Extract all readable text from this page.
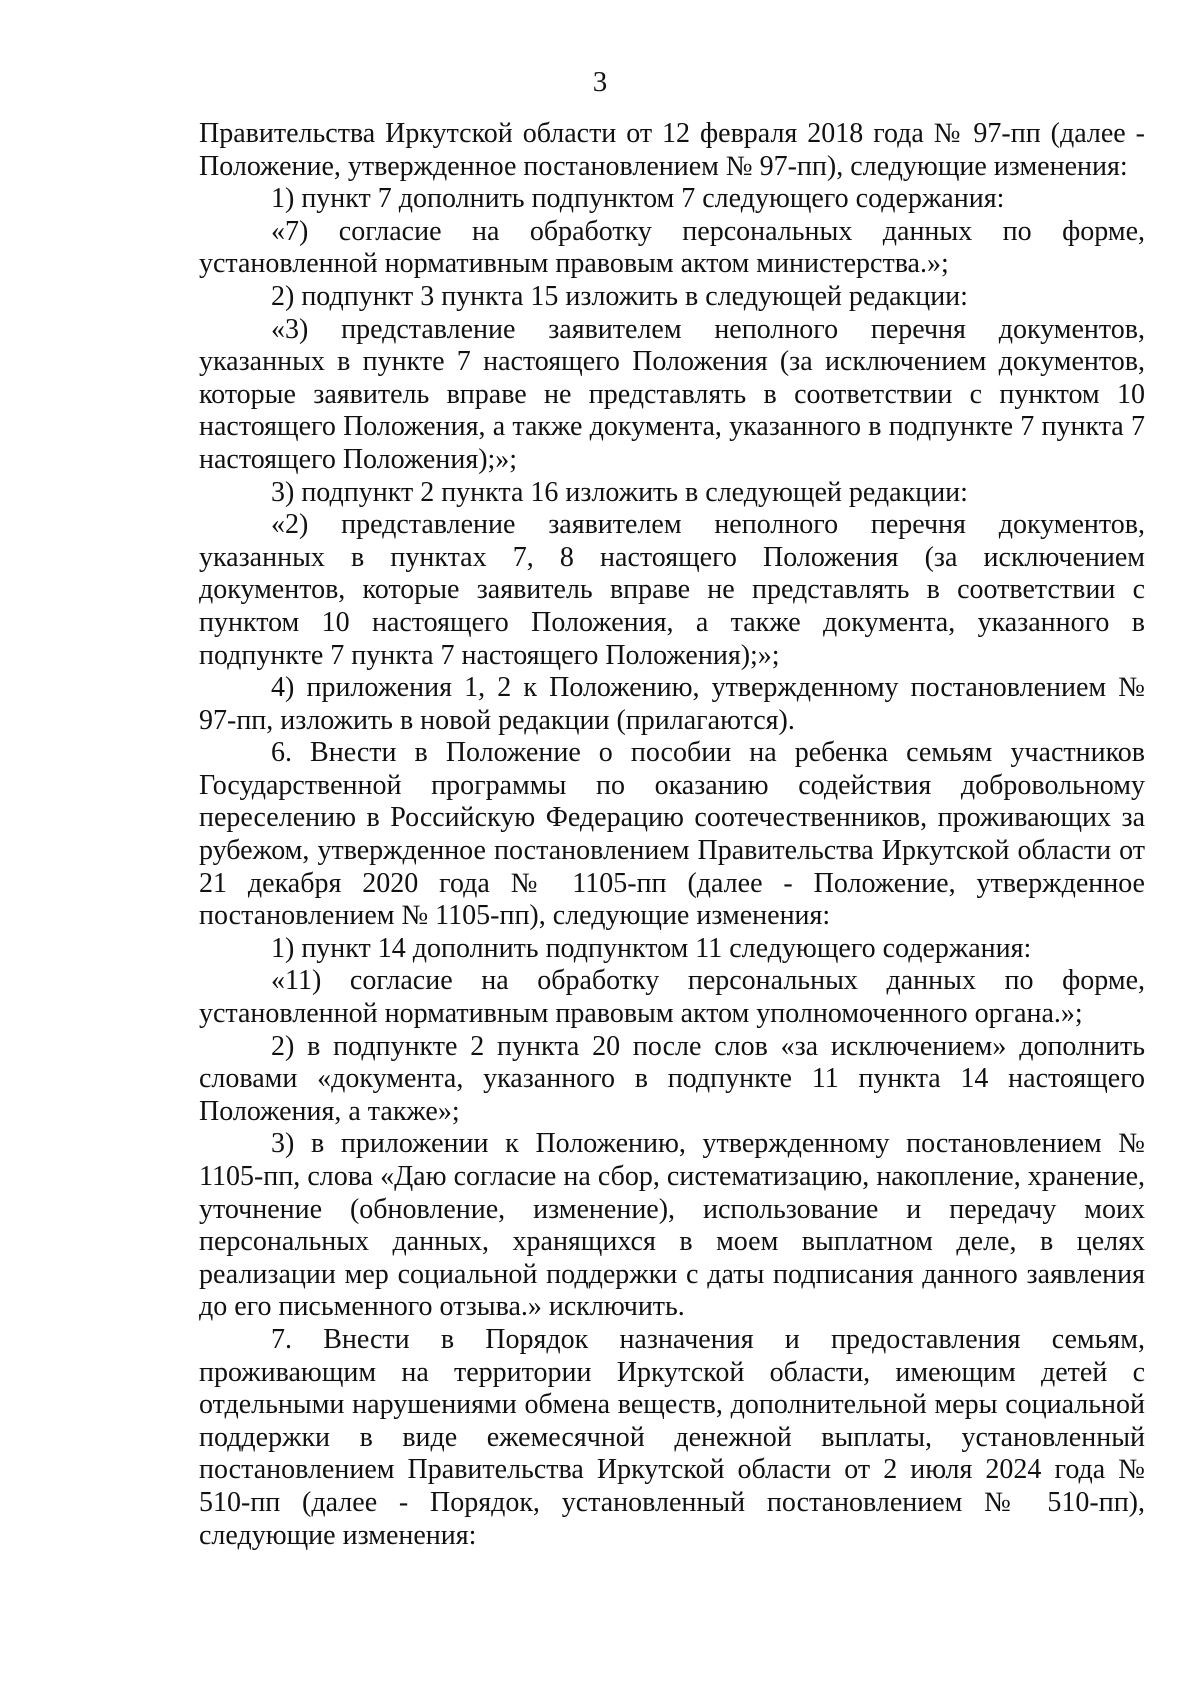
3

Правительства Иркутской области от 12 февраля 2018 года № 97-пп (далее - Положение, утвержденное постановлением № 97-пп), следующие изменения:

1) пункт 7 дополнить подпунктом 7 следующего содержания:

«7) согласие на обработку персональных данных по форме, установленной нормативным правовым актом министерства.»;

2) подпункт 3 пункта 15 изложить в следующей редакции:

«3) представление заявителем неполного перечня документов, указанных в пункте 7 настоящего Положения (за исключением документов, которые заявитель вправе не представлять в соответствии с пунктом 10 настоящего Положения, а также документа, указанного в подпункте 7 пункта 7 настоящего Положения);»;

3) подпункт 2 пункта 16 изложить в следующей редакции:

«2) представление заявителем неполного перечня документов, указанных в пунктах 7, 8 настоящего Положения (за исключением документов, которые заявитель вправе не представлять в соответствии с пунктом 10 настоящего Положения, а также документа, указанного в подпункте 7 пункта 7 настоящего Положения);»;

4) приложения 1, 2 к Положению, утвержденному постановлением № 97-пп, изложить в новой редакции (прилагаются).

6. Внести в Положение о пособии на ребенка семьям участников Государственной программы по оказанию содействия добровольному переселению в Российскую Федерацию соотечественников, проживающих за рубежом, утвержденное постановлением Правительства Иркутской области от 21 декабря 2020 года № 1105-пп (далее - Положение, утвержденное постановлением № 1105-пп), следующие изменения:

1) пункт 14 дополнить подпунктом 11 следующего содержания:

«11) согласие на обработку персональных данных по форме, установленной нормативным правовым актом уполномоченного органа.»;

2) в подпункте 2 пункта 20 после слов «за исключением» дополнить словами «документа, указанного в подпункте 11 пункта 14 настоящего Положения, а также»;

3) в приложении к Положению, утвержденному постановлением № 1105-пп, слова «Даю согласие на сбор, систематизацию, накопление, хранение, уточнение (обновление, изменение), использование и передачу моих персональных данных, хранящихся в моем выплатном деле, в целях реализации мер социальной поддержки с даты подписания данного заявления до его письменного отзыва.» исключить.

7. Внести в Порядок назначения и предоставления семьям, проживающим на территории Иркутской области, имеющим детей с отдельными нарушениями обмена веществ, дополнительной меры социальной поддержки в виде ежемесячной денежной выплаты, установленный постановлением Правительства Иркутской области от 2 июля 2024 года № 510-пп (далее - Порядок, установленный постановлением № 510-пп), следующие изменения:
